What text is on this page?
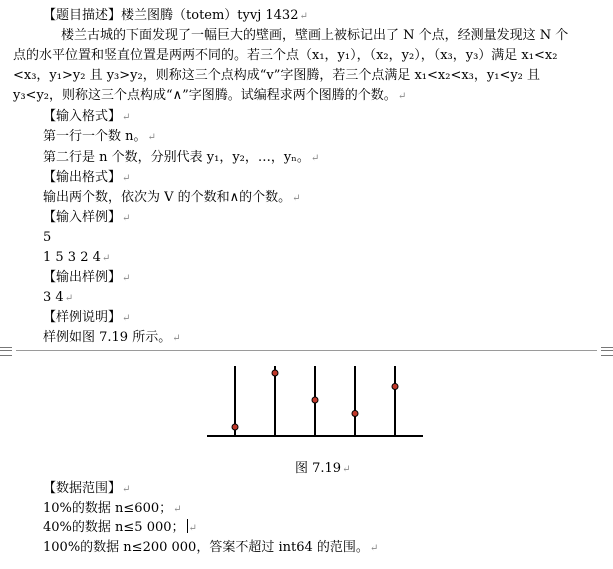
【题目描述】楼兰图腾（totem）tyvj 1432↵
楼兰古城的下面发现了一幅巨大的壁画，壁画上被标记出了 N 个点，经测量发现这 N 个
点的水平位置和竖直位置是两两不同的。若三个点（x₁，y₁），（x₂，y₂），（x₃，y₃）满足 x₁<x₂
<x₃，y₁>y₂ 且 y₃>y₂，则称这三个点构成“v”字图腾，若三个点满足 x₁<x₂<x₃，y₁<y₂ 且
y₃<y₂，则称这三个点构成“∧”字图腾。试编程求两个图腾的个数。↵
【输入格式】↵
第一行一个数 n。↵
第二行是 n 个数，分别代表 y₁，y₂，…，yₙ。↵
【输出格式】↵
输出两个数，依次为 V 的个数和∧的个数。↵
【输入样例】↵
5
1 5 3 2 4↵
【输出样例】↵
3 4↵
【样例说明】↵
样例如图 7.19 所示。↵
图 7.19↵
【数据范围】↵
10%的数据 n≤600；↵
40%的数据 n≤5 000； ↵
100%的数据 n≤200 000，答案不超过 int64 的范围。↵
